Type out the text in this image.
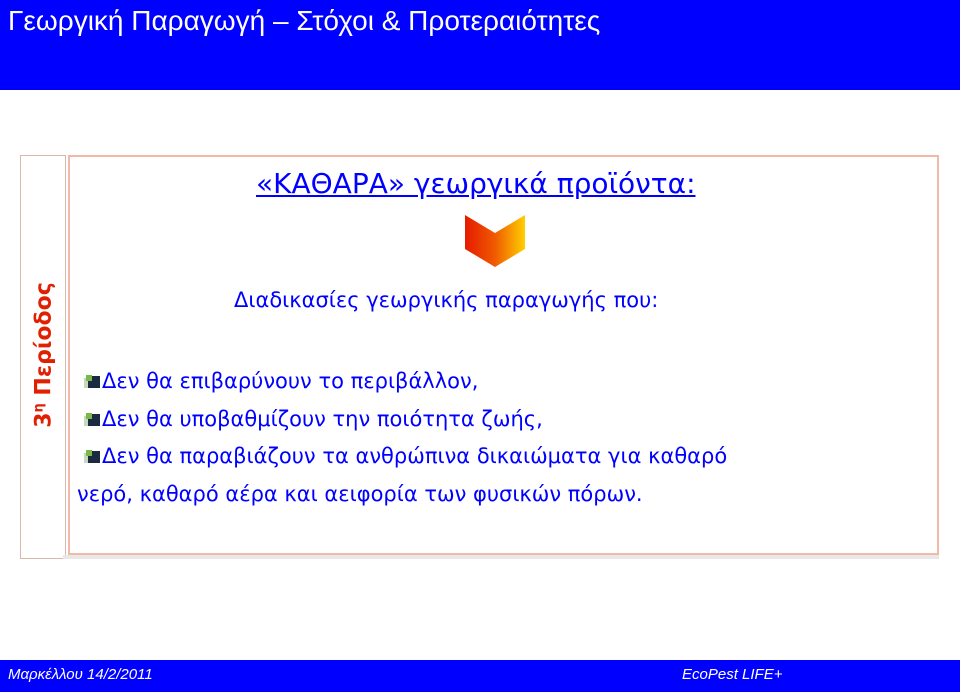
Γεωργική Παραγωγή – Στόχοι & Προτεραιότητες
$3^\eta$ Περίοδος
«ΚΑΘΑΡΑ» γεωργικά προϊόντα:
Διαδικασίες γεωργικής παραγωγής που:
Δεν θα επιβαρύνουν το περιβάλλον,
Δεν θα υποβαθμίζουν την ποιότητα ζωής,
Δεν θα παραβιάζουν τα ανθρώπινα δικαιώματα για καθαρό
νερό, καθαρό αέρα και αειφορία των φυσικών πόρων.
Μαρκέλλου 14/2/2011	EcoPest LIFE+
